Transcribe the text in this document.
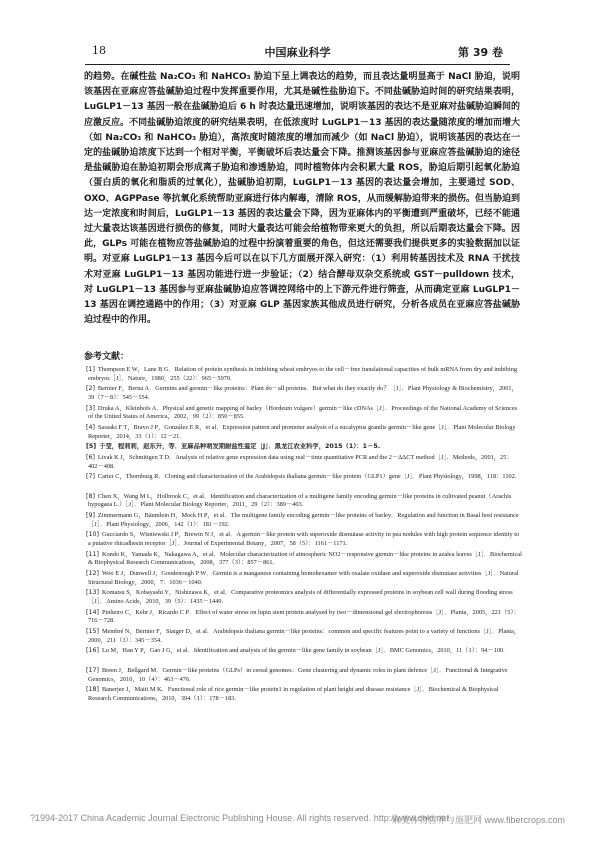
18	中国麻业科学	第 39 卷

的趋势。在碱性盐 Na₂CO₃ 和 NaHCO₃ 胁迫下呈上调表达的趋势，而且表达量明显高于 NaCl 胁迫，说明该基因在亚麻应答盐碱胁迫过程中发挥重要作用，尤其是碱性盐胁迫下。不同盐碱胁迫时间的研究结果表明，LuGLP1－13 基因一般在盐碱胁迫后 6 h 时表达量迅速增加，说明该基因的表达不是亚麻对盐碱胁迫瞬间的应激反应。不同盐碱胁迫浓度的研究结果表明，在低浓度时 LuGLP1－13 基因的表达量随浓度的增加而增大（如 Na₂CO₃ 和 NaHCO₃ 胁迫），高浓度时随浓度的增加而减少（如 NaCl 胁迫），说明该基因的表达在一定的盐碱胁迫浓度下达到一个相对平衡，平衡破坏后表达量会下降。推测该基因参与亚麻应答盐碱胁迫的途径是盐碱胁迫在胁迫初期会形成离子胁迫和渗透胁迫，同时植物体内会积累大量 ROS，胁迫后期引起氧化胁迫（蛋白质的氧化和脂质的过氧化），盐碱胁迫初期，LuGLP1－13 基因的表达量会增加，主要通过 SOD、OXO、AGPPase 等抗氧化系统帮助亚麻进行体内解毒，清除 ROS，从而缓解胁迫带来的损伤。但当胁迫到达一定浓度和时间后，LuGLP1－13 基因的表达量会下降，因为亚麻体内的平衡遭到严重破坏，已经不能通过大量表达该基因进行损伤的修复，同时大量表达可能会给植物带来更大的负担，所以后期表达量会下降。因此，GLPs 可能在植物应答盐碱胁迫的过程中扮演着重要的角色，但这还需要我们提供更多的实验数据加以证明。对亚麻 LuGLP1－13 基因今后可以在以下几方面展开深入研究：（1）利用转基因技术及 RNA 干扰技术对亚麻 LuGLP1－13 基因功能进行进一步验证；（2）结合酵母双杂交系统或 GST－pulldown 技术，对 LuGLP1－13 基因参与亚麻盐碱胁迫应答调控网络中的上下游元件进行筛查，从而确定亚麻 LuGLP1－13 基因在调控通路中的作用；（3）对亚麻 GLP 基因家族其他成员进行研究，分析各成员在亚麻应答盐碱胁迫过程中的作用。

参考文献：
[1] Thompson E W，Lane B G．Relation of protein synthesis in imbibing wheat embryos to the cell－free translational capacities of bulk mRNA from dry and imbibing embryos［J］．Nature，1980，255（22）：965－5970.
[2] Bernier F，Berna A．Germins and germin－like proteins：Plant do－all proteins．But what do they exactly do？［J］．Plant Physiology & Biochemistry，2001，39（7－8）：545－554.
[3] Druka A，Kleinhofs A．Physical and genetic mapping of barley（Hordeum vulgare）germin－like cDNAs［J］．Proceedings of the National Academy of Sciences of the United States of America，2002，99（2）：850－855.
[4] Sassaki F T，Bravo J P，González E R，et al．Expression pattern and promoter analysis of a eucalyptus grandis germin－like gene［J］．Plant Molecular Biology Reporter，2014，33（1）：12－21.
[5] 于莹，程莉莉，赵东升，等．亚麻品种萌发期耐盐性鉴定［J］．黑龙江农业科学，2015（1）：1－5.
[6] Livak K J，Schmittgen T D．Analysis of relative gene expression data using real－time quantitative PCR and the 2－ΔΔCT method［J］．Methods，2001，25：402－408.
[7] Carter C，Thornburg R．Cloning and characterization of the Arabidopsis thaliana germin－like protein（GLP1）gene［J］．Plant Physiology，1998，118：1102.
[8] Chen X，Wang M L，Holbrook C，et al．Identification and characterization of a multigene family encoding germin－like proteins in cultivated peanut（Arachis hypogaea L.）［J］．Plant Molecular Biology Reporter，2011，29（2）：389－403.
[9] Zimmermann G，Bäumlein H，Mock H P，et al．The multigene family encoding germin－like proteins of barley．Regulation and function in Basal host resistance［J］．Plant Physiology，2006，142（1）：181－192.
[10] Gucciardo S，Wisniewski J P，Brewin N J，et al．A germin－like protein with superoxide dismutase activity in pea nodules with high protein sequence identity to a putative rhicadhesin receptor［J］．Journal of Experimental Botany，2007，58（5）：1161－1171.
[11] Kondo K，Yamada K，Nakagawa A，et al．Molecular characterization of atmospheric NO2－responsive germin－like proteins in azalea leaves［J］．Biochemical & Biophysical Research Communications，2008，377（3）：857－861.
[12] Woo E J，Dunwell J，Goodenough P W．Germin is a manganese containing homohexamer with oxalate oxidase and superoxide dismutase activities［J］．Natural Structural Biology，2000，7：1036－1040.
[13] Komatsu S，Kobayashi Y，Nishizawa K，et al．Comparative proteomics analysis of differentially expressed proteins in soybean cell wall during flooding stress［J］．Amino Acids，2010，39（5）：1435－1449.
[14] Pinheiro C，Kehr J，Ricardo C P．Effect of water stress on lupin stem protein analysed by two－dimensional gel electrophoresis［J］．Planta，2005，221（5）：716－728.
[15] Membré N，Bernier F，Staiger D，et al．Arabidopsis thaliana germin－like proteins：common and specific features point to a variety of functions［J］．Planta，2000，211（3）：345－354.
[16] Lu M，Han Y P，Gao J G，et al．Identification and analysis of the germin－like gene family in soybean［J］．BMC Genomics，2010，11（1）：94－100.
[17] Breen J，Bellgard M．Germin－like proteins（GLPs）in cereal genomes：Gene clustering and dynamic roles in plant defence［J］．Functional & Integrative Genomics，2010，10（4）：463－476.
[18] Banerjee J，Maiti M K．Functional role of rice germin－like protein1 in regulation of plant height and disease resistance［J］．Biochemical & Biophysical Research Communications，2010，394（1）：178－183.
?1994-2017 China Academic Journal Electronic Publishing House. All rights reserved. http://www.cnki.net
麻类作物营养与施肥网 www.fibercrops.com
